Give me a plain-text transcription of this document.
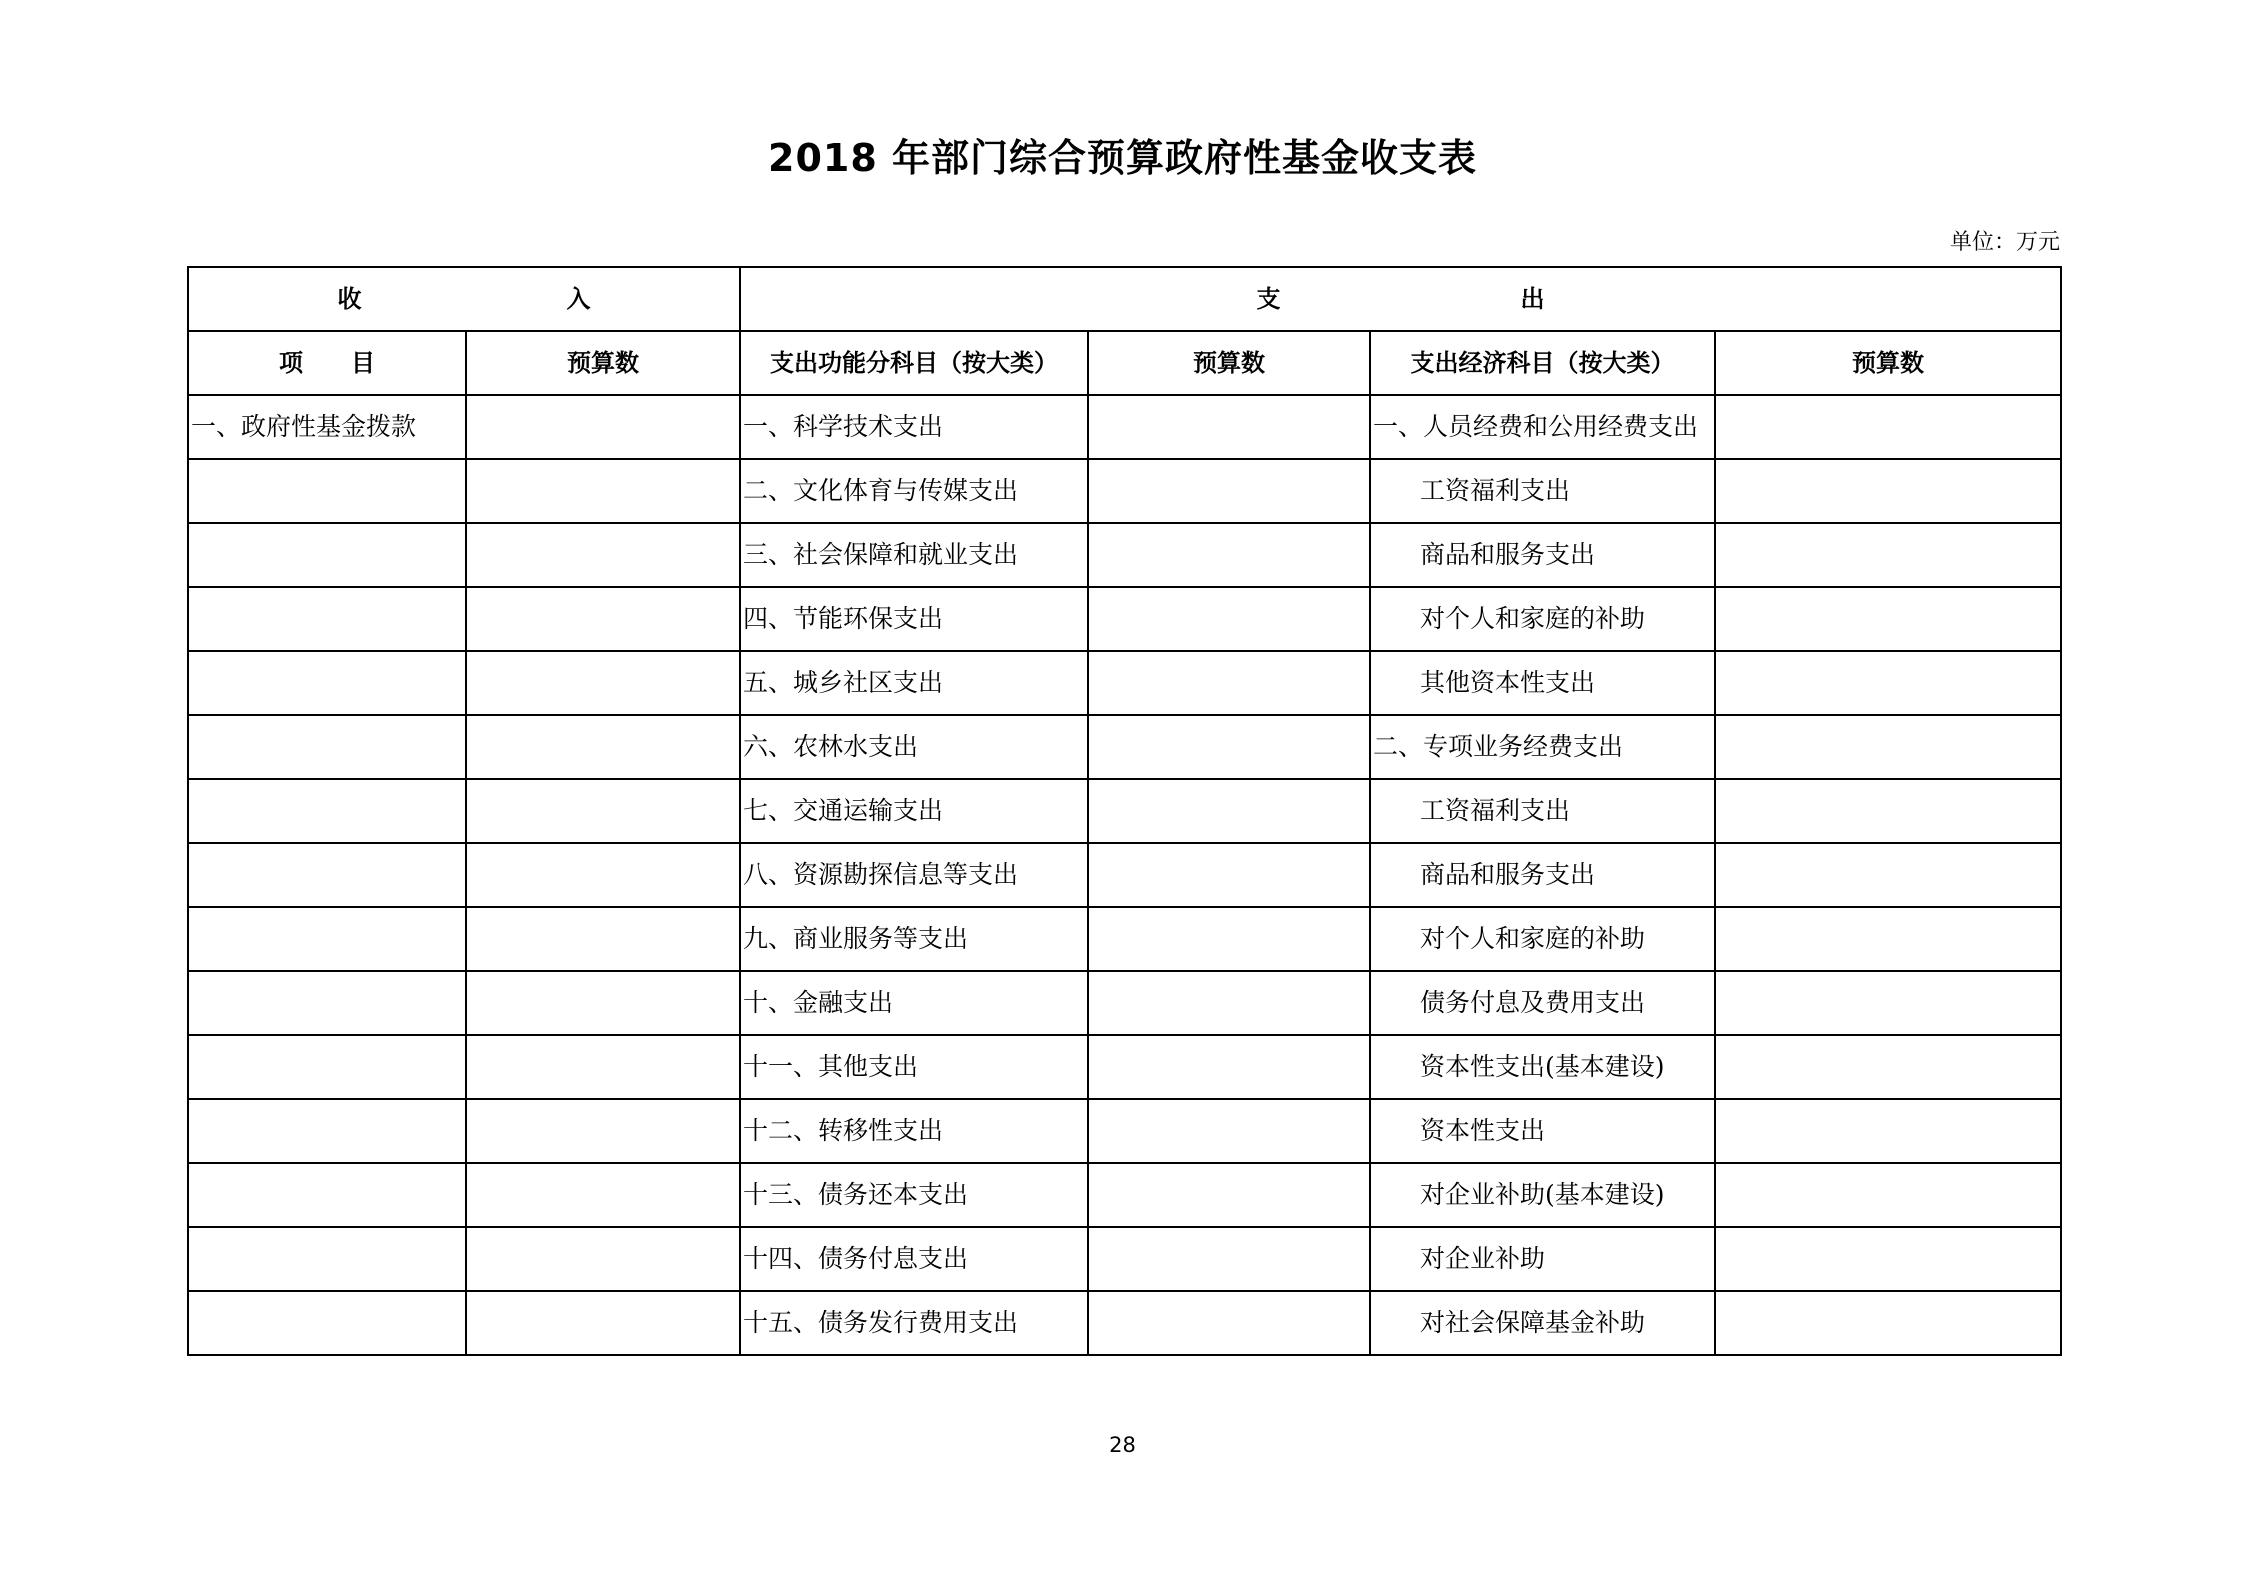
2018 年部门综合预算政府性基金收支表
单位：万元
收 入		支 出			

项 目	预算数	支出功能分科目（按大类）	预算数	支出经济科目（按大类）	预算数
一、政府性基金拨款		一、科学技术支出		一、人员经费和公用经费支出	
		二、文化体育与传媒支出		工资福利支出	
		三、社会保障和就业支出		商品和服务支出	
		四、节能环保支出		对个人和家庭的补助	
		五、城乡社区支出		其他资本性支出	
		六、农林水支出		二、专项业务经费支出	
		七、交通运输支出		工资福利支出	
		八、资源勘探信息等支出		商品和服务支出	
		九、商业服务等支出		对个人和家庭的补助	
		十、金融支出		债务付息及费用支出	
		十一、其他支出		资本性支出(基本建设)	
		十二、转移性支出		资本性支出	
		十三、债务还本支出		对企业补助(基本建设)	
		十四、债务付息支出		对企业补助	
		十五、债务发行费用支出		对社会保障基金补助	
28
